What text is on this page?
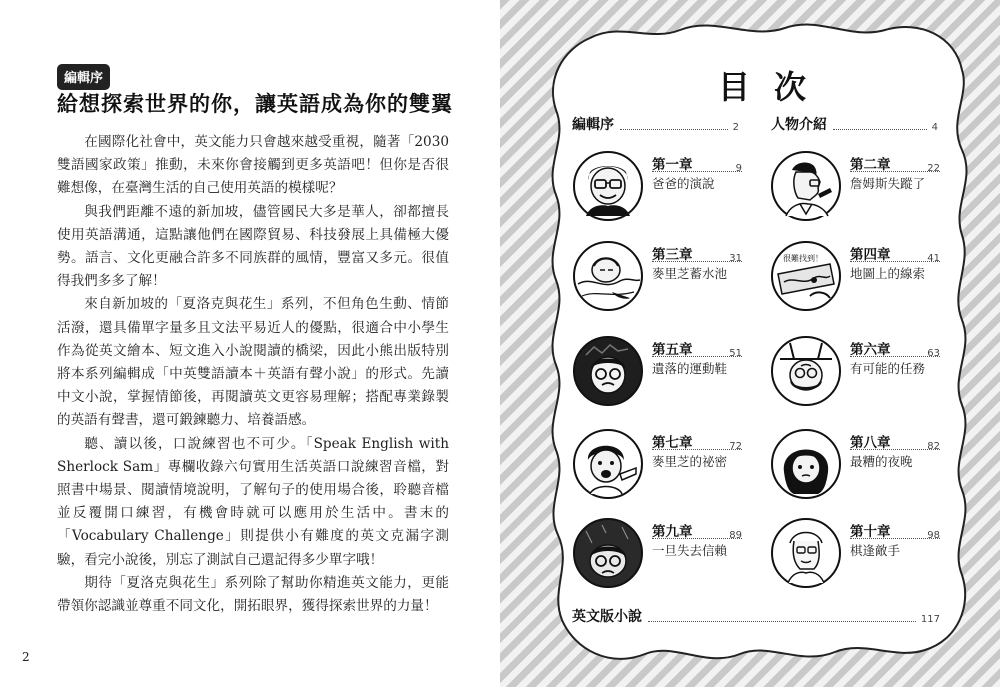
編輯序
給想探索世界的你，讓英語成為你的雙翼

在國際化社會中，英文能力只會越來越受重視，隨著「2030雙語國家政策」推動，未來你會接觸到更多英語吧！但你是否很難想像，在臺灣生活的自己使用英語的模樣呢？

與我們距離不遠的新加坡，儘管國民大多是華人，卻都擅長使用英語溝通，這點讓他們在國際貿易、科技發展上具備極大優勢。語言、文化更融合許多不同族群的風情，豐富又多元。很值得我們多多了解！

來自新加坡的「夏洛克與花生」系列，不但角色生動、情節活潑，還具備單字量多且文法平易近人的優點，很適合中小學生作為從英文繪本、短文進入小說閱讀的橋梁，因此小熊出版特別將本系列編輯成「中英雙語讀本＋英語有聲小說」的形式。先讀中文小說，掌握情節後，再閱讀英文更容易理解；搭配專業錄製的英語有聲書，還可鍛鍊聽力、培養語感。

聽、讀以後，口說練習也不可少。「Speak English with Sherlock Sam」專欄收錄六句實用生活英語口說練習音檔，對照書中場景、閱讀情境說明，了解句子的使用場合後，聆聽音檔並反覆開口練習，有機會時就可以應用於生活中。書末的「Vocabulary Challenge」則提供小有難度的英文克漏字測驗，看完小說後，別忘了測試自己還記得多少單字哦！

期待「夏洛克與花生」系列除了幫助你精進英文能力，更能帶領你認識並尊重不同文化，開拓眼界，獲得探索世界的力量！

2
目次
編輯序	2 人物介紹	4
第一章	9
爸爸的演說
第二章	22
詹姆斯失蹤了
第三章	31
麥里芝蓄水池
很難找到！ 第四章	41
地圖上的線索
第五章	51
遺落的運動鞋
第六章	63
有可能的任務
第七章	72
麥里芝的祕密
第八章	82
最糟的夜晚
第九章	89
一旦失去信賴
第十章	98
棋逢敵手
英文版小說	117
